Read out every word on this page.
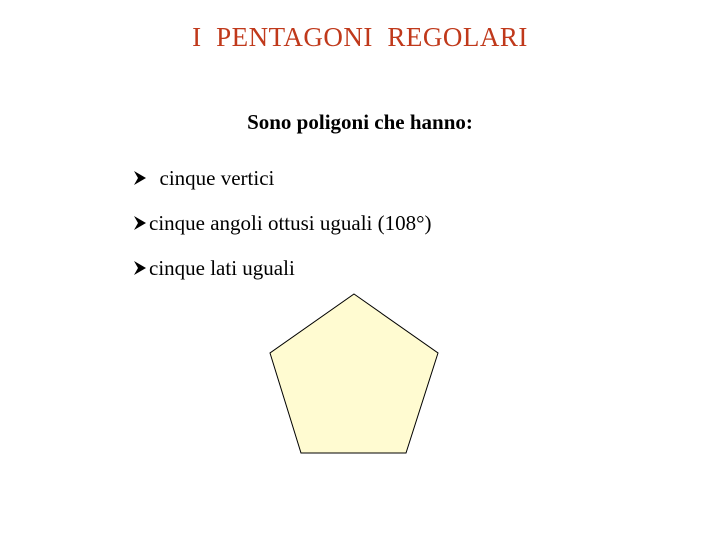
I  PENTAGONI  REGOLARI
Sono poligoni che hanno:
cinque vertici
cinque angoli ottusi uguali (108°)
cinque lati uguali
